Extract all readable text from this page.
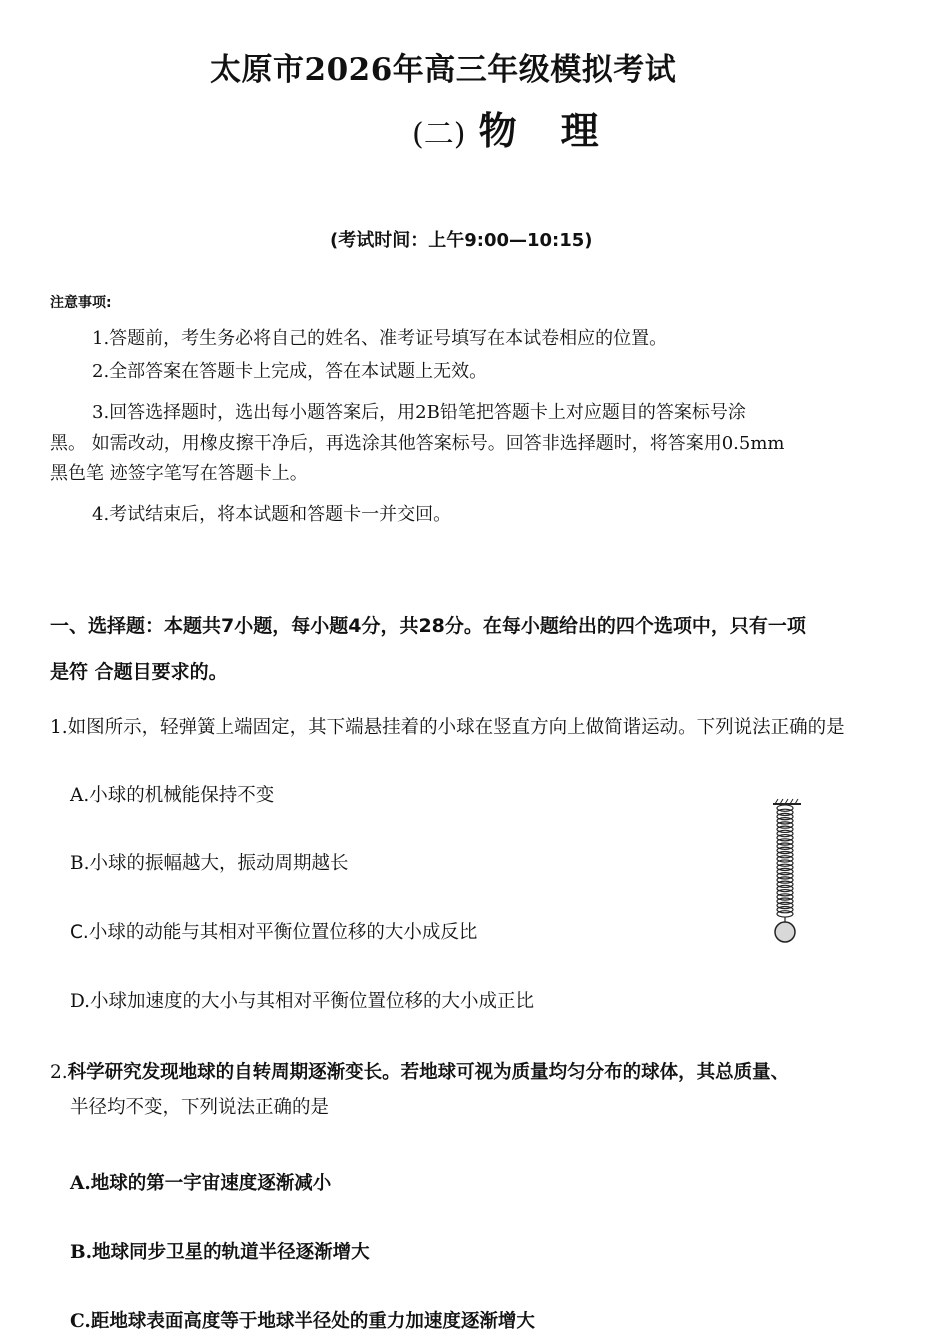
太原市2026年高三年级模拟考试
(二) 物 理
(考试时间：上午9:00—10:15)
注意事项:
1.答题前，考生务必将自己的姓名、准考证号填写在本试卷相应的位置。
2.全部答案在答题卡上完成，答在本试题上无效。
3.回答选择题时，选出每小题答案后，用2B铅笔把答题卡上对应题目的答案标号涂
黑。 如需改动，用橡皮擦干净后，再选涂其他答案标号。回答非选择题时，将答案用0.5mm
黑色笔 迹签字笔写在答题卡上。
4.考试结束后，将本试题和答题卡一并交回。
一、选择题：本题共7小题，每小题4分，共28分。在每小题给出的四个选项中，只有一项
是符 合题目要求的。
1.如图所示，轻弹簧上端固定，其下端悬挂着的小球在竖直方向上做简谐运动。下列说法正确的是
A.小球的机械能保持不变
B.小球的振幅越大，振动周期越长
C.小球的动能与其相对平衡位置位移的大小成反比
D.小球加速度的大小与其相对平衡位置位移的大小成正比
2.科学研究发现地球的自转周期逐渐变长。若地球可视为质量均匀分布的球体，其总质量、
半径均不变，下列说法正确的是
A.地球的第一宇宙速度逐渐减小
B.地球同步卫星的轨道半径逐渐增大
C.距地球表面高度等于地球半径处的重力加速度逐渐增大
